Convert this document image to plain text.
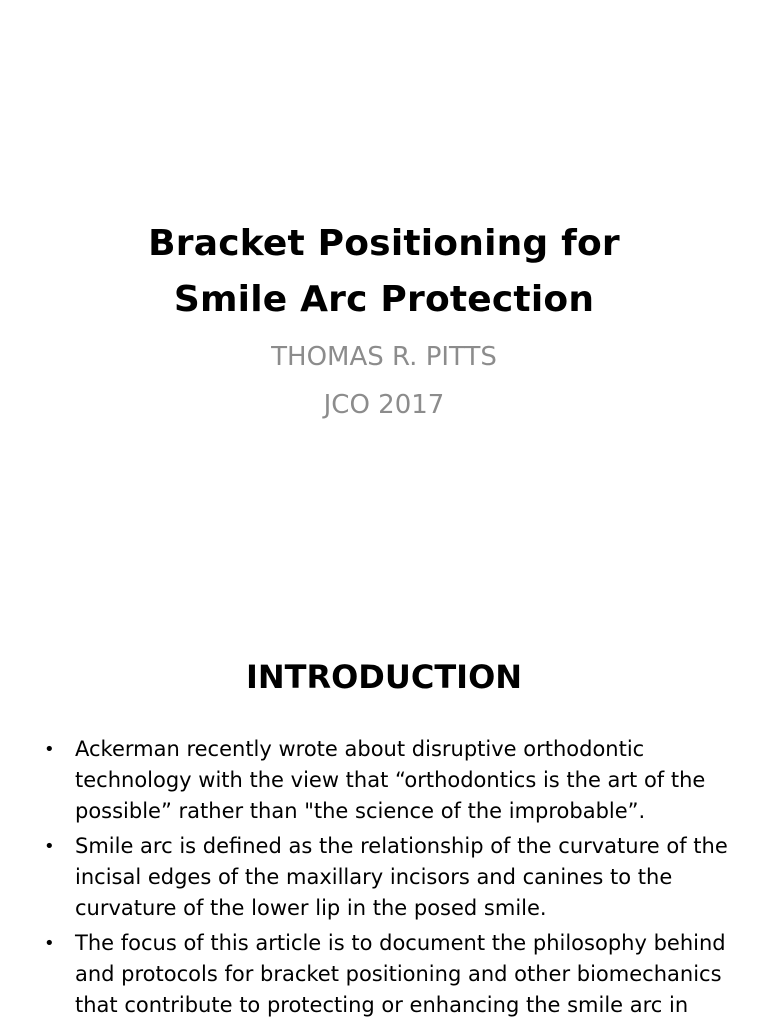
Bracket Positioning for
Smile Arc Protection
THOMAS R. PITTS
JCO 2017
INTRODUCTION
• Ackerman recently wrote about disruptive orthodontic technology with the view that “orthodontics is the art of the possible” rather than "the science of the improbable”.
• Smile arc is defined as the relationship of the curvature of the incisal edges of the maxillary incisors and canines to the curvature of the lower lip in the posed smile.
• The focus of this article is to document the philosophy behind and protocols for bracket positioning and other biomechanics that contribute to protecting or enhancing the smile arc in
